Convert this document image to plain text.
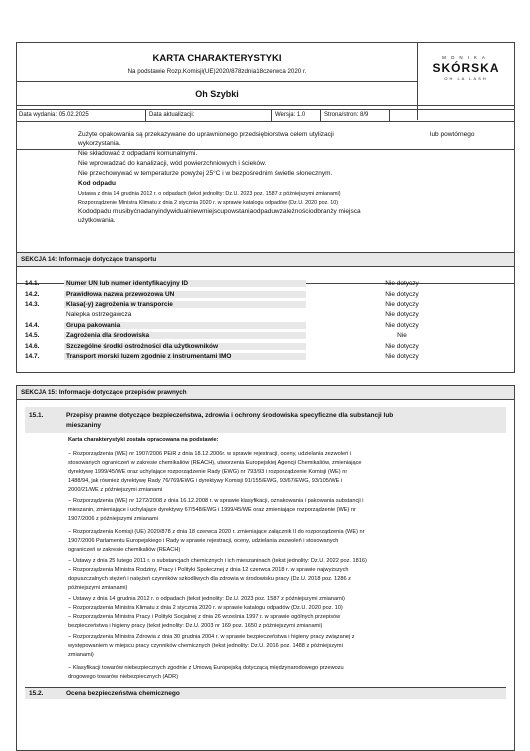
KARTA CHARAKTERYSTYKI
Na podstawie Rozp.Komisji(UE)2020/878zdnia18czerwca 2020 r.
Oh Szybki
MONIKA
SKÓRSKA
OH LA LASH
Data wydania: 05.02.2025	Data aktualizacji:	Wersja: 1.0	Strona/stron: 8/9
Zużyte opakowania są przekazywane do uprawnionego przedsiębiorstwa celem utylizacji	lub powtórnego
wykorzystania.
Nie składować z odpadami komunalnymi.
Nie wprowadzać do kanalizacji, wód powierzchniowych i ścieków.
Nie przechowywać w temperaturze powyżej 25°C i w bezpośrednim świetle słonecznym.
Kod odpadu
Ustawa z dnia 14 grudnia 2012 r. o odpadach (tekst jednolity: Dz.U. 2023 poz. 1587 z późniejszymi zmianami)
Rozporządzenie Ministra Klimatu z dnia 2 stycznia 2020 r. w sprawie katalogu odpadów (Dz.U. 2020 poz. 10)
Kododpadu musibyćnadanyindywidualniewmiejscupowstaniaodpaduwzależnościodbranży miejsca
użytkowania.
SEKCJA 14: Informacje dotyczące transportu
14.1.	Numer UN lub numer identyfikacyjny ID	Nie dotyczy
14.2.	Prawidłowa nazwa przewozowa UN	Nie dotyczy
14.3.	Klasa(-y) zagrożenia w transporcie	Nie dotyczy
Nalepka ostrzegawcza	Nie dotyczy
14.4.	Grupa pakowania	Nie dotyczy
14.5.	Zagrożenia dla środowiska	Nie
14.6.	Szczególne środki ostrożności dla użytkowników	Nie dotyczy
14.7.	Transport morski luzem zgodnie z instrumentami IMO	Nie dotyczy
SEKCJA 15: Informacje dotyczące przepisów prawnych
15.1.	Przepisy prawne dotyczące bezpieczeństwa, zdrowia i ochrony środowiska specyficzne dla substancji lub
mieszaniny
Karta charakterystyki została opracowana na podstawie:
− Rozporządzenia (WE) nr 1907/2006 PEiR z dnia 18.12.2006r. w sprawie rejestracji, oceny, udzielania zezwoleń i
stosowanych ograniczeń w zakresie chemikaliów (REACH), utworzenia Europejskiej Agencji Chemikaliów, zmieniające
dyrektywę 1999/45/WE oraz uchylające rozporządzenie Rady (EWG) nr 793/93 i rozporządzenie Komisji (WE) nr
1488/94, jak również dyrektywę Rady 76/769/EWG i dyrektywy Komisji 91/155/EWG, 93/67/EWG, 93/105/WE i
2000/21/WE z późniejszymi zmianami
− Rozporządzenia (WE) nr 1272/2008 z dnia 16.12.2008 r. w sprawie klasyfikacji, oznakowania i pakowania substancji i
mieszanin, zmieniające i uchylające dyrektywy 67/548/EWG i 1999/45/WE oraz zmieniające rozporządzenie (WE) nr
1907/2006 z późniejszymi zmianami
− Rozporządzenia Komisji (UE) 2020/878 z dnia 18 czerwca 2020 r. zmieniające załącznik II do rozporządzenia (WE) nr
1907/2006 Parlamentu Europejskiego i Rady w sprawie rejestracji, oceny, udzielania zezwoleń i stosowanych
ograniczeń w zakresie chemikaliów (REACH)
− Ustawy z dnia 25 lutego 2011 r. o substancjach chemicznych i ich mieszaninach (tekst jednolity: Dz.U. 2022 poz. 1816)
− Rozporządzenia Ministra Rodziny, Pracy i Polityki Społecznej z dnia 12 czerwca 2018 r. w sprawie najwyższych
dopuszczalnych stężeń i natężeń czynników szkodliwych dla zdrowia w środowisku pracy (Dz.U. 2018 poz. 1286 z
późniejszymi zmianami)
− Ustawy z dnia 14 grudnia 2012 r. o odpadach (tekst jednolity: Dz.U. 2023 poz. 1587 z późniejszymi zmianami)
− Rozporządzenia Ministra Klimatu z dnia 2 stycznia 2020 r. w sprawie katalogu odpadów (Dz.U. 2020 poz. 10)
− Rozporządzenia Ministra Pracy i Polityki Socjalnej z dnia 26 września 1997 r. w sprawie ogólnych przepisów
bezpieczeństwa i higieny pracy (tekst jednolity: Dz.U. 2003 nr 169 poz. 1650 z późniejszymi zmianami)
− Rozporządzenia Ministra Zdrowia z dnia 30 grudnia 2004 r. w sprawie bezpieczeństwa i higieny pracy związanej z
występowaniem w miejscu pracy czynników chemicznych (tekst jednolity: Dz.U. 2016 poz. 1488 z późniejszymi
zmianami)
− Klasyfikacji towarów niebezpiecznych zgodnie z Umową Europejską dotyczącą międzynarodowego przewozu
drogowego towarów niebezpiecznych (ADR)
15.2.	Ocena bezpieczeństwa chemicznego
